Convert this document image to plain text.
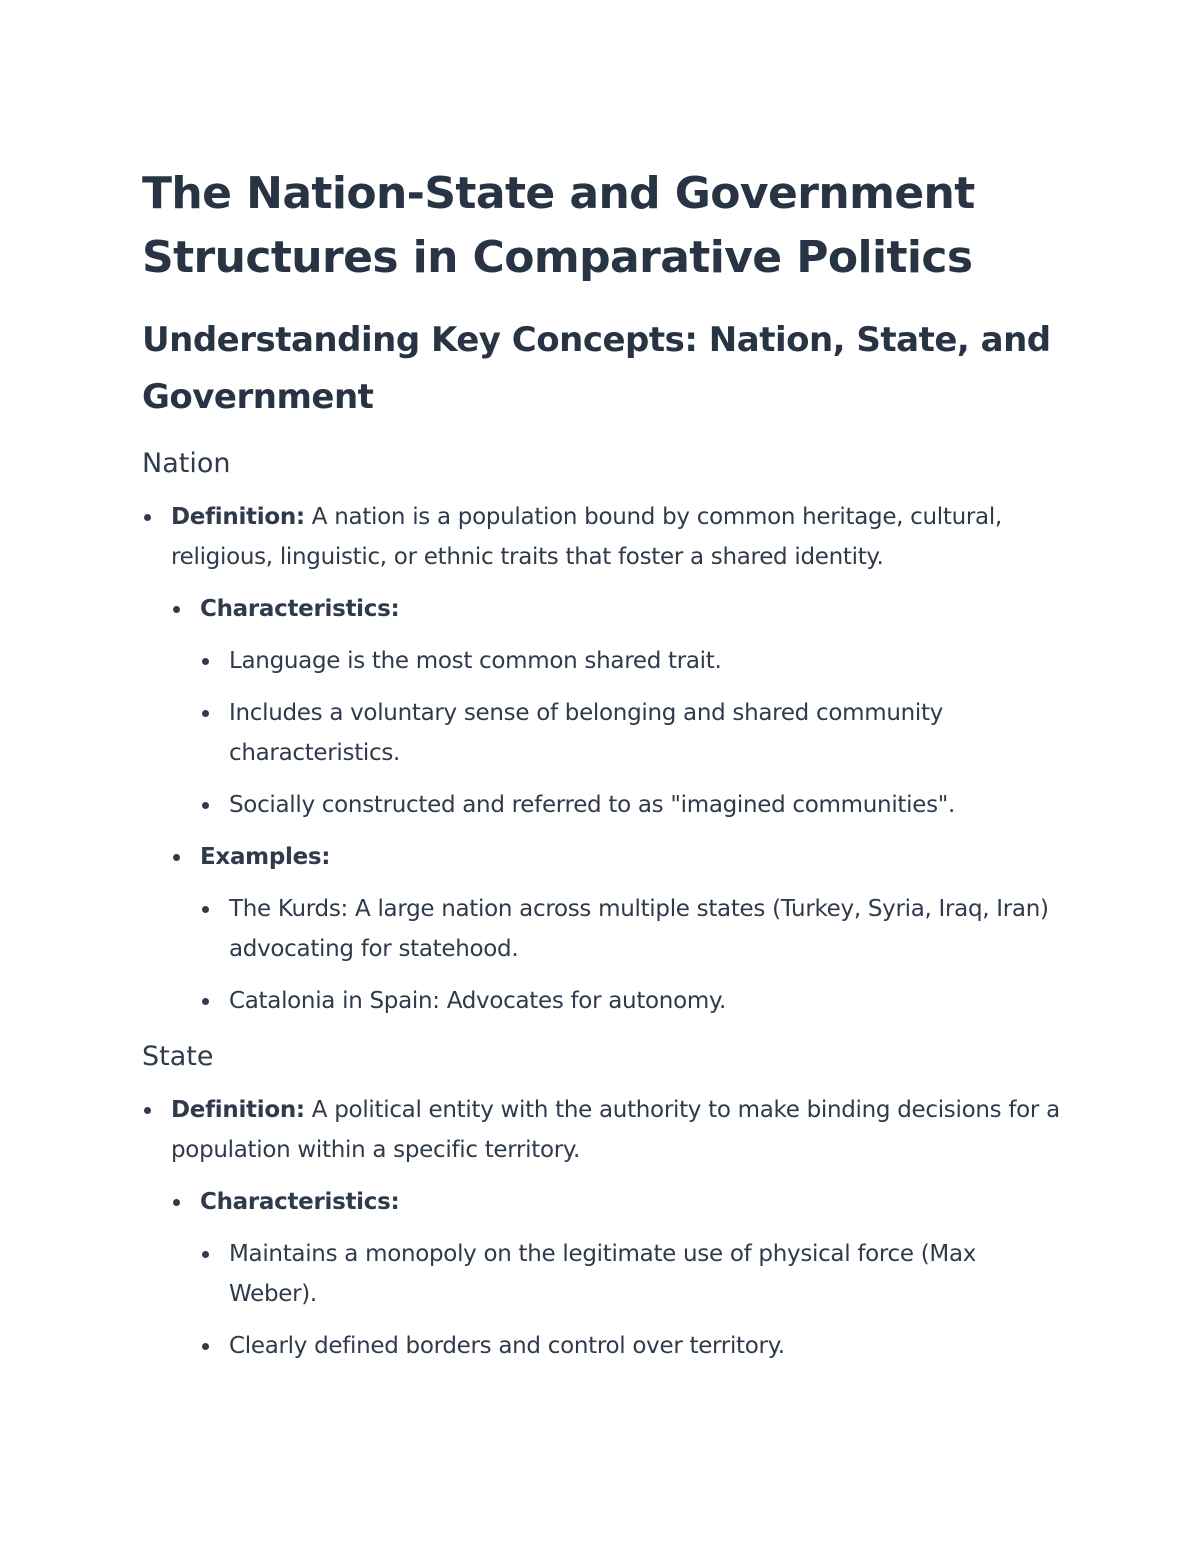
The Nation-State and Government Structures in Comparative Politics
Understanding Key Concepts: Nation, State, and Government
Nation
Definition: A nation is a population bound by common heritage, cultural, religious, linguistic, or ethnic traits that foster a shared identity.
Characteristics:
Language is the most common shared trait.
Includes a voluntary sense of belonging and shared community characteristics.
Socially constructed and referred to as "imagined communities".
Examples:
The Kurds: A large nation across multiple states (Turkey, Syria, Iraq, Iran) advocating for statehood.
Catalonia in Spain: Advocates for autonomy.
State
Definition: A political entity with the authority to make binding decisions for a population within a specific territory.
Characteristics:
Maintains a monopoly on the legitimate use of physical force (Max Weber).
Clearly defined borders and control over territory.
